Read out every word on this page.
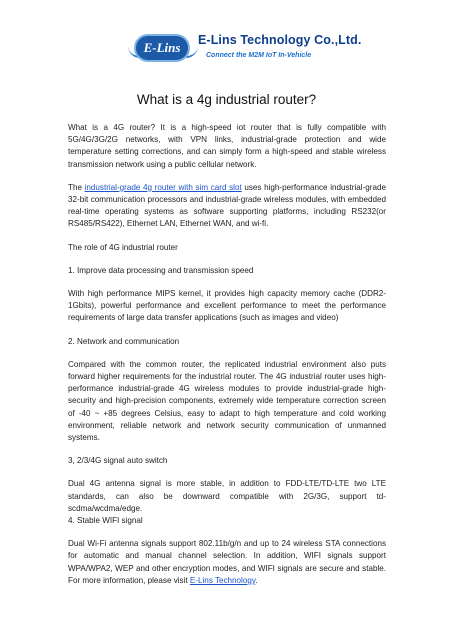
E-Lins	E-Lins Technology Co.,Ltd.
Connect the M2M IoT In-Vehicle
What is a 4g industrial router?

What is a 4G router? It is a high-speed iot router that is fully compatible with 5G/4G/3G/2G networks, with VPN links, industrial-grade protection and wide temperature setting corrections, and can simply form a high-speed and stable wireless transmission network using a public cellular network.

The industrial-grade 4g router with sim card slot uses high-performance industrial-grade 32-bit communication processors and industrial-grade wireless modules, with embedded real-time operating systems as software supporting platforms, including RS232(or RS485/RS422), Ethernet LAN, Ethernet WAN, and wi-fi.

The role of 4G industrial router

1. Improve data processing and transmission speed

With high performance MIPS kernel, it provides high capacity memory cache (DDR2-1Gbits), powerful performance and excellent performance to meet the performance requirements of large data transfer applications (such as images and video)

2. Network and communication

Compared with the common router, the replicated industrial environment also puts forward higher requirements for the industrial router. The 4G industrial router uses high-performance industrial-grade 4G wireless modules to provide industrial-grade high-security and high-precision components, extremely wide temperature correction screen of -40 ~ +85 degrees Celsius, easy to adapt to high temperature and cold working environment, reliable network and network security communication of unmanned systems.

3, 2/3/4G signal auto switch

Dual 4G antenna signal is more stable, in addition to FDD-LTE/TD-LTE two LTE standards, can also be downward compatible with 2G/3G, support td-scdma/wcdma/edge.

4. Stable WIFI signal

Dual Wi-Fi antenna signals support 802.11b/g/n and up to 24 wireless STA connections for automatic and manual channel selection. In addition, WIFI signals support WPA/WPA2, WEP and other encryption modes, and WIFI signals are secure and stable. For more information, please visit E-Lins Technology.
